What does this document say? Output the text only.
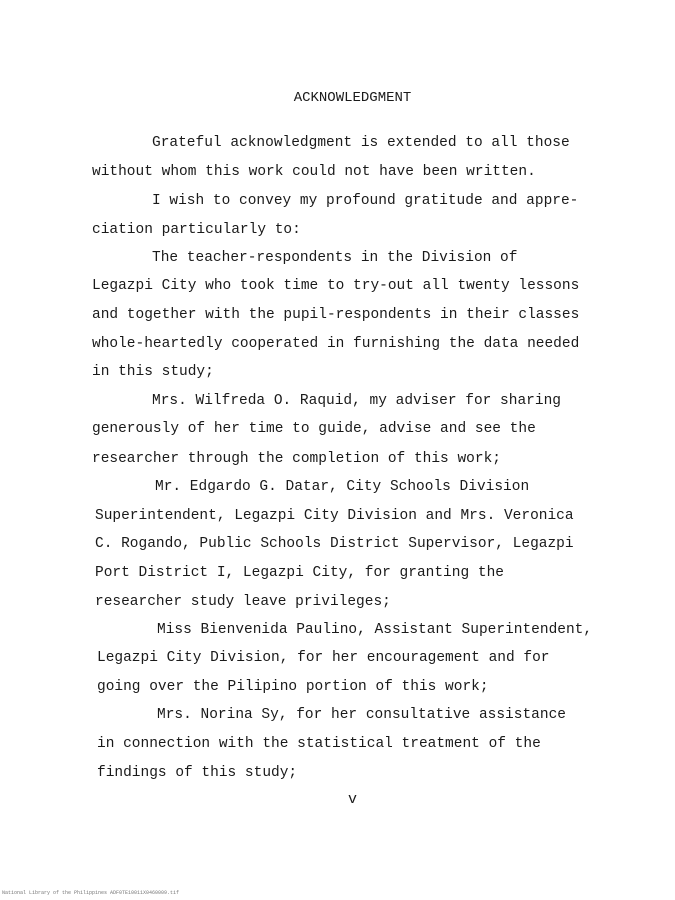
ACKNOWLEDGMENT
Grateful acknowledgment is extended to all those
without whom this work could not have been written.
I wish to convey my profound gratitude and appre-
ciation particularly to:
The teacher-respondents in the Division of
Legazpi City who took time to try-out all twenty lessons
and together with the pupil-respondents in their classes
whole-heartedly cooperated in furnishing the data needed
in this study;
Mrs. Wilfreda O. Raquid, my adviser for sharing
generously of her time to guide, advise and see the
researcher through the completion of this work;
Mr. Edgardo G. Datar, City Schools Division
Superintendent, Legazpi City Division and Mrs. Veronica
C. Rogando, Public Schools District Supervisor, Legazpi
Port District I, Legazpi City, for granting the
researcher study leave privileges;
Miss Bienvenida Paulino, Assistant Superintendent,
Legazpi City Division, for her encouragement and for
going over the Pilipino portion of this work;
Mrs. Norina Sy, for her consultative assistance
in connection with the statistical treatment of the
findings of this study;
v
National Library of the Philippines ADF0TE10011X0460009.tif
